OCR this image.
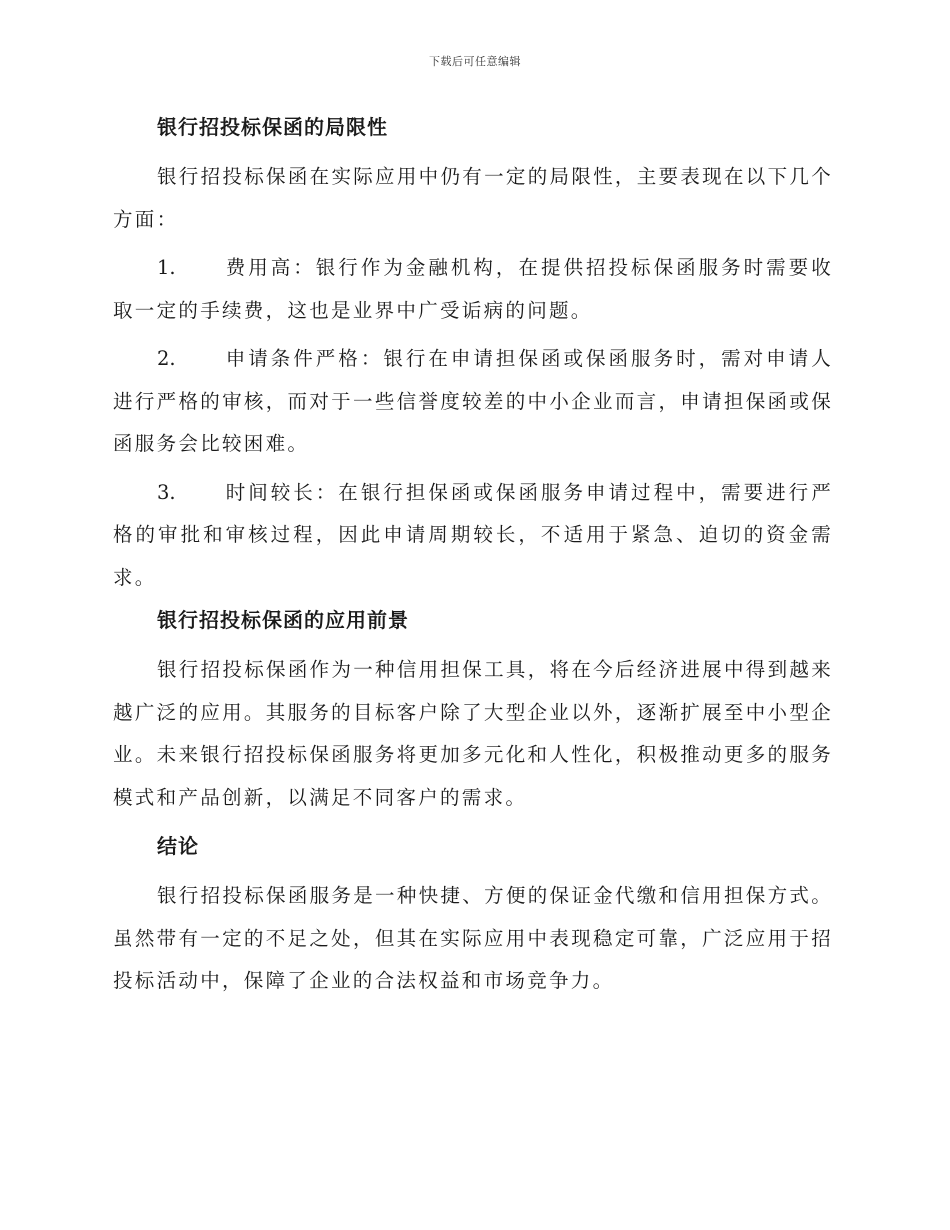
下载后可任意编辑
银行招投标保函的局限性

银行招投标保函在实际应用中仍有一定的局限性，主要表现在以下几个方面：

1.	费用高：银行作为金融机构，在提供招投标保函服务时需要收取一定的手续费，这也是业界中广受诟病的问题。
2.	申请条件严格：银行在申请担保函或保函服务时，需对申请人进行严格的审核，而对于一些信誉度较差的中小企业而言，申请担保函或保函服务会比较困难。
3.	时间较长：在银行担保函或保函服务申请过程中，需要进行严格的审批和审核过程，因此申请周期较长，不适用于紧急、迫切的资金需求。
银行招投标保函的应用前景

银行招投标保函作为一种信用担保工具，将在今后经济进展中得到越来越广泛的应用。其服务的目标客户除了大型企业以外，逐渐扩展至中小型企业。未来银行招投标保函服务将更加多元化和人性化，积极推动更多的服务模式和产品创新，以满足不同客户的需求。

结论

银行招投标保函服务是一种快捷、方便的保证金代缴和信用担保方式。虽然带有一定的不足之处，但其在实际应用中表现稳定可靠，广泛应用于招投标活动中，保障了企业的合法权益和市场竞争力。
